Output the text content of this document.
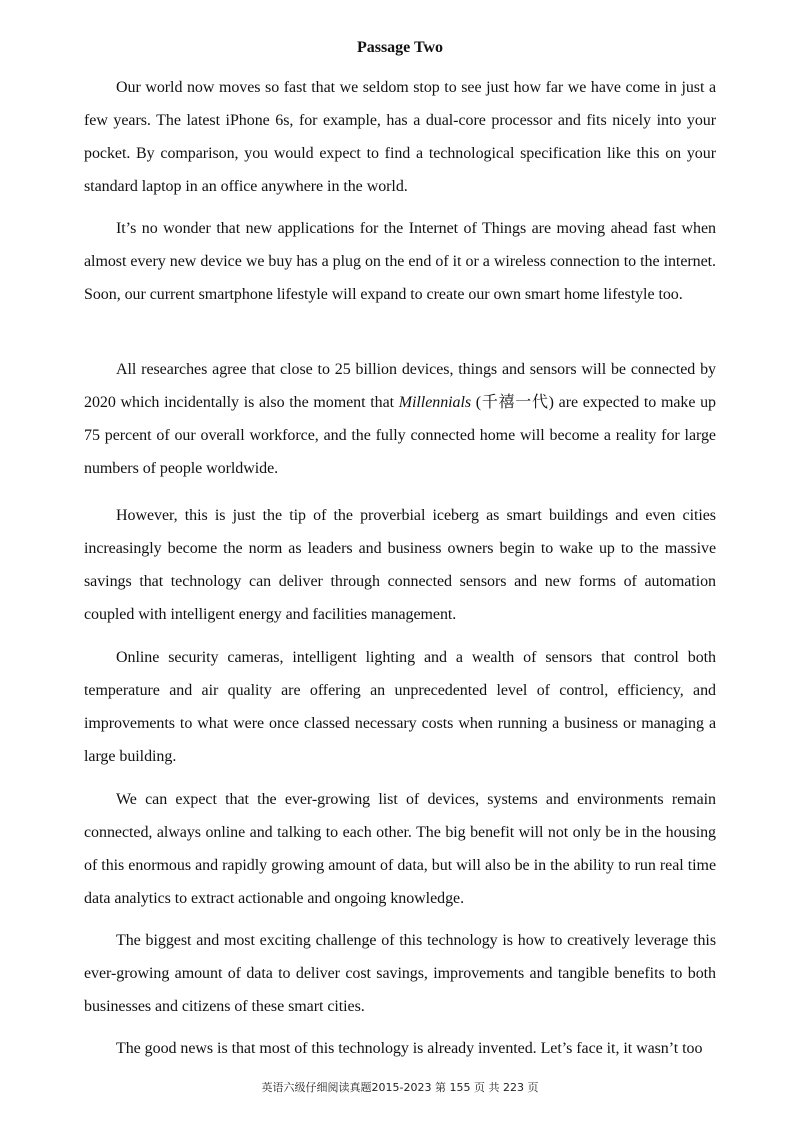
Passage Two

Our world now moves so fast that we seldom stop to see just how far we have come in just a few years. The latest iPhone 6s, for example, has a dual-core processor and fits nicely into your pocket. By comparison, you would expect to find a technological specification like this on your standard laptop in an office anywhere in the world.

It’s no wonder that new applications for the Internet of Things are moving ahead fast when almost every new device we buy has a plug on the end of it or a wireless connection to the internet. Soon, our current smartphone lifestyle will expand to create our own smart home lifestyle too.

All researches agree that close to 25 billion devices, things and sensors will be connected by 2020 which incidentally is also the moment that Millennials (千禧一代) are expected to make up 75 percent of our overall workforce, and the fully connected home will become a reality for large numbers of people worldwide.

However, this is just the tip of the proverbial iceberg as smart buildings and even cities increasingly become the norm as leaders and business owners begin to wake up to the massive savings that technology can deliver through connected sensors and new forms of automation coupled with intelligent energy and facilities management.

Online security cameras, intelligent lighting and a wealth of sensors that control both temperature and air quality are offering an unprecedented level of control, efficiency, and improvements to what were once classed necessary costs when running a business or managing a large building.

We can expect that the ever-growing list of devices, systems and environments remain connected, always online and talking to each other. The big benefit will not only be in the housing of this enormous and rapidly growing amount of data, but will also be in the ability to run real time data analytics to extract actionable and ongoing knowledge.

The biggest and most exciting challenge of this technology is how to creatively leverage this ever-growing amount of data to deliver cost savings, improvements and tangible benefits to both businesses and citizens of these smart cities.

The good news is that most of this technology is already invented. Let’s face it, it wasn’t too

英语六级仔细阅读真题2015-2023 第 155 页 共 223 页
